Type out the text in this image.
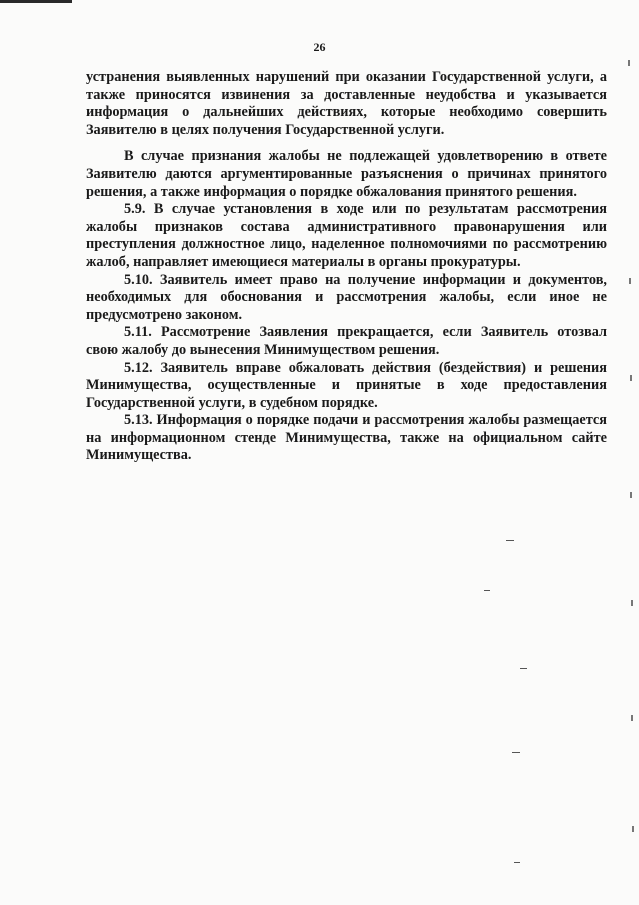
26

устранения выявленных нарушений при оказании Государственной услуги, а также приносятся извинения за доставленные неудобства и указывается информация о дальнейших действиях, которые необходимо совершить Заявителю в целях получения Государственной услуги.

В случае признания жалобы не подлежащей удовлетворению в ответе Заявителю даются аргументированные разъяснения о причинах принятого решения, а также информация о порядке обжалования принятого решения.

5.9. В случае установления в ходе или по результатам рассмотрения жалобы признаков состава административного правонарушения или преступления должностное лицо, наделенное полномочиями по рассмотрению жалоб, направляет имеющиеся материалы в органы прокуратуры.

5.10. Заявитель имеет право на получение информации и документов, необходимых для обоснования и рассмотрения жалобы, если иное не предусмотрено законом.

5.11. Рассмотрение Заявления прекращается, если Заявитель отозвал свою жалобу до вынесения Минимуществом решения.

5.12. Заявитель вправе обжаловать действия (бездействия) и решения Минимущества, осуществленные и принятые в ходе предоставления Государственной услуги, в судебном порядке.

5.13. Информация о порядке подачи и рассмотрения жалобы размещается на информационном стенде Минимущества, также на официальном сайте Минимущества.
